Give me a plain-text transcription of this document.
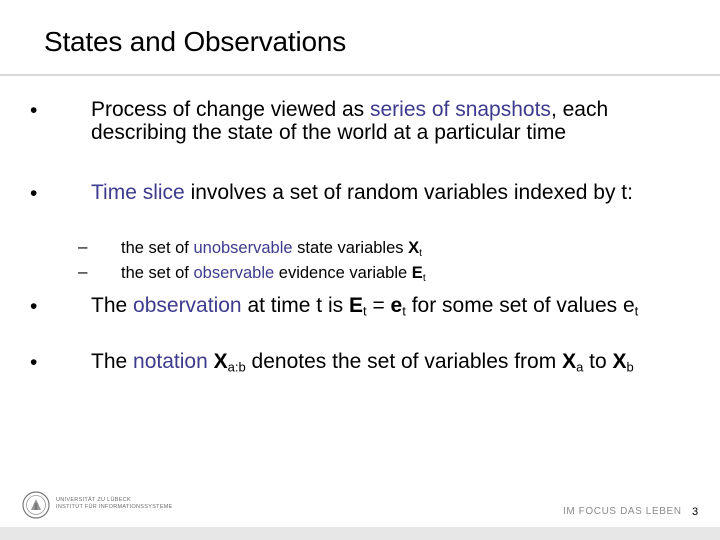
States and Observations
•	Process of change viewed as series of snapshots, each describing the state of the world at a particular time
•	Time slice involves a set of random variables indexed by t:
– the set of unobservable state variables $X_t$
– the set of observable evidence variable $E_t$
•	The observation at time t is $E_t = e_t$ for some set of values $e_t$
•	The notation $X_{a:b}$ denotes the set of variables from $X_a$ to $X_b$
UNIVERSITÄT ZU LÜBECK
INSTITUT FÜR INFORMATIONSSYSTEME	IM FOCUS DAS LEBEN 3
